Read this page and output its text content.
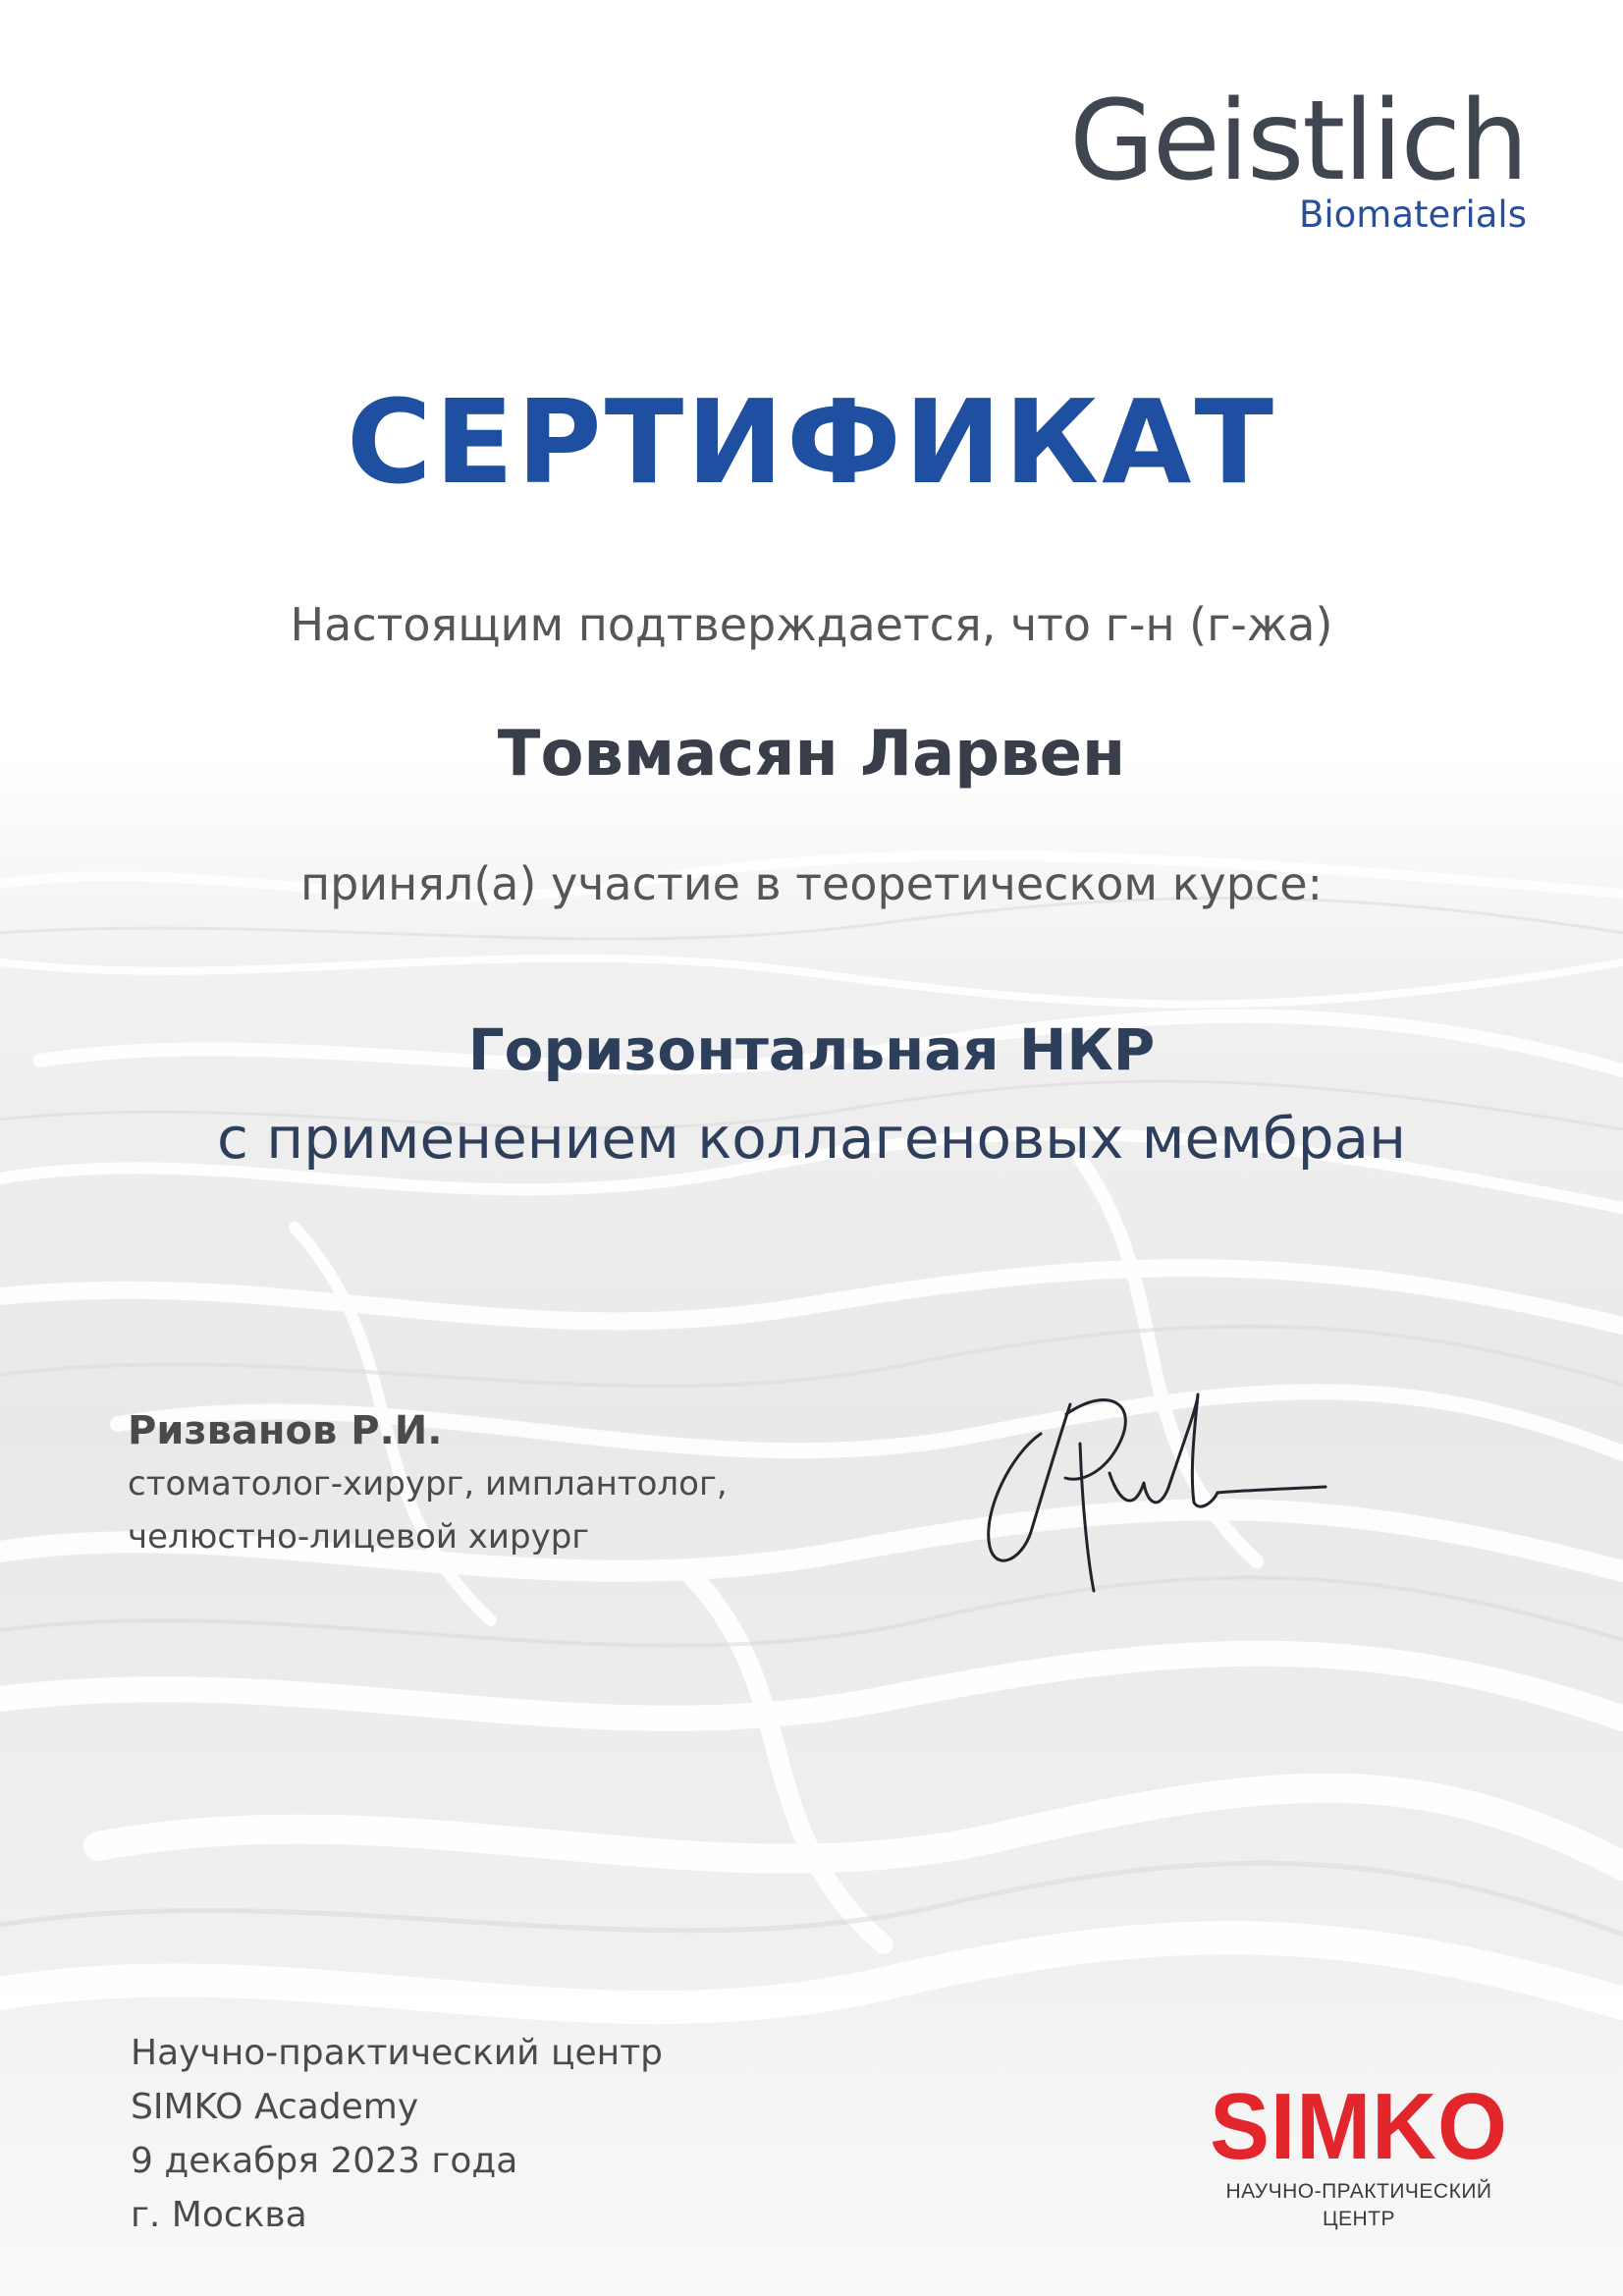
Geistlich
Biomaterials
СЕРТИФИКАТ
Настоящим подтверждается, что г-н (г-жа)
Товмасян Ларвен
принял(а) участие в теоретическом курсе:
Горизонтальная НКР
с применением коллагеновых мембран
Ризванов Р.И.
стоматолог-хирург, имплантолог,
челюстно-лицевой хирург
Научно-практический центр
SIMKO Academy
9 декабря 2023 года
г. Москва
SIMKO
НАУЧНО-ПРАКТИЧЕСКИЙ ЦЕНТР
